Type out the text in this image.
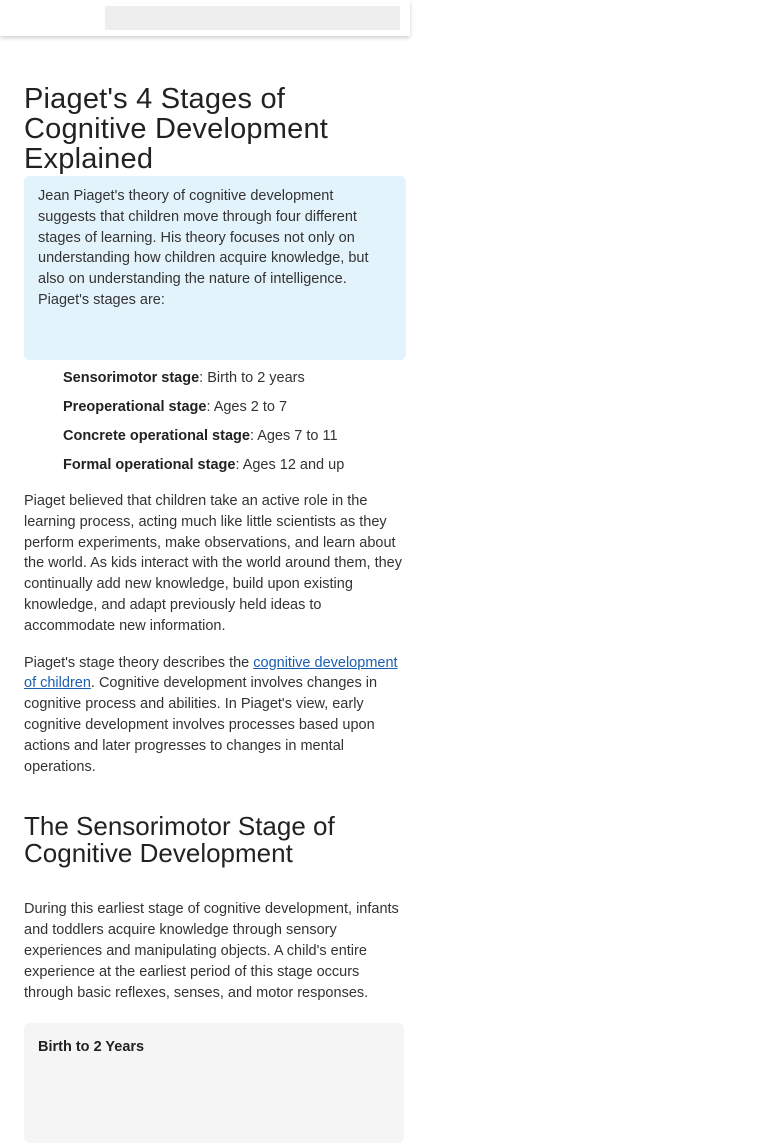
Piaget's 4 Stages of Cognitive Development Explained

Jean Piaget's theory of cognitive development suggests that children move through four different stages of learning. His theory focuses not only on understanding how children acquire knowledge, but also on understanding the nature of intelligence. Piaget's stages are:

Sensorimotor stage: Birth to 2 years
Preoperational stage: Ages 2 to 7
Concrete operational stage: Ages 7 to 11
Formal operational stage: Ages 12 and up

Piaget believed that children take an active role in the learning process, acting much like little scientists as they perform experiments, make observations, and learn about the world. As kids interact with the world around them, they continually add new knowledge, build upon existing knowledge, and adapt previously held ideas to accommodate new information.

Piaget's stage theory describes the cognitive development of children. Cognitive development involves changes in cognitive process and abilities. In Piaget's view, early cognitive development involves processes based upon actions and later progresses to changes in mental operations.

The Sensorimotor Stage of Cognitive Development

During this earliest stage of cognitive development, infants and toddlers acquire knowledge through sensory experiences and manipulating objects. A child's entire experience at the earliest period of this stage occurs through basic reflexes, senses, and motor responses.

Birth to 2 Years
